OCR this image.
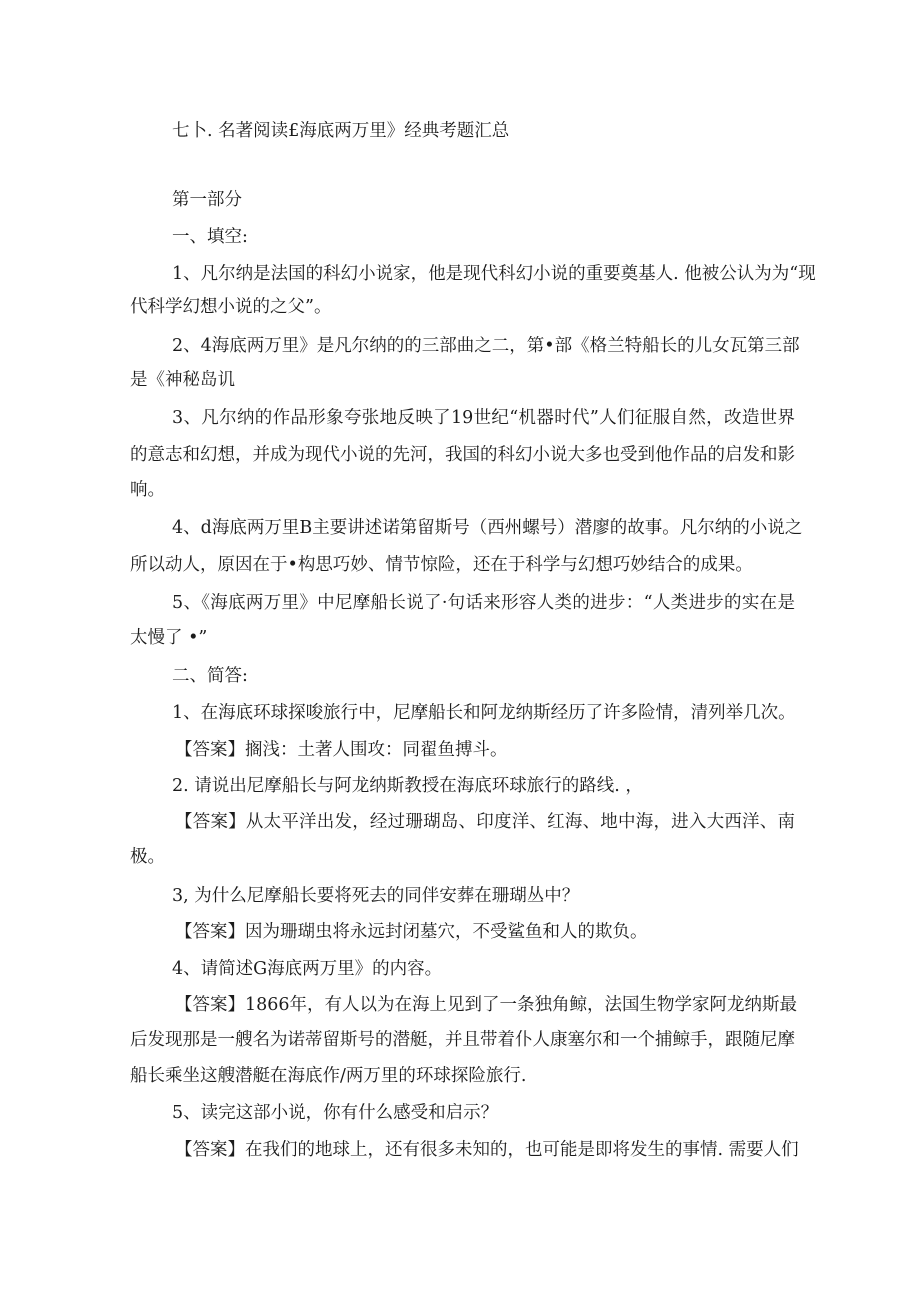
七卜. 名著阅读£海底两万里》经典考题汇总
第一部分
一、填空:
1、凡尔纳是法国的科幻小说家，他是现代科幻小说的重要奠基人. 他被公认为为“现
代科学幻想小说的之父”。
2、4海底两万里》是凡尔纳的的三部曲之二，第•部《格兰特船长的儿女瓦第三部
是《神秘岛讥
3、凡尔纳的作品形象夸张地反映了19世纪“机器时代”人们征服自然，改造世界
的意志和幻想，并成为现代小说的先河，我国的科幻小说大多也受到他作品的启发和影
响。
4、d海底两万里B主要讲述诺第留斯号（西州螺号）潜廖的故事。凡尔纳的小说之
所以动人，原因在于•构思巧妙、情节惊险，还在于科学与幻想巧妙结合的成果。
5、《海底两万里》中尼摩船长说了·句话来形容人类的进步：“人类进步的实在是
太慢了 •”
二、简答:
1、在海底环球探唆旅行中，尼摩船长和阿龙纳斯经历了许多险情，清列举几次。
【答案】搁浅：土著人围攻：同翟鱼搏斗。
2. 请说出尼摩船长与阿龙纳斯教授在海底环球旅行的路线. ，
【答案】从太平洋出发，经过珊瑚岛、印度洋、红海、地中海，进入大西洋、南
极。
3, 为什么尼摩船长要将死去的同伴安葬在珊瑚丛中？
【答案】因为珊瑚虫将永远封闭墓穴，不受鲨鱼和人的欺负。
4、请简述G海底两万里》的内容。
【答案】1866年，有人以为在海上见到了一条独角鲸，法国生物学家阿龙纳斯最
后发现那是一艘名为诺蒂留斯号的潜艇，并且带着仆人康塞尔和一个捕鲸手，跟随尼摩
船长乘坐这艘潜艇在海底作/两万里的环球探险旅行.
5、读完这部小说，你有什么感受和启示？
【答案】在我们的地球上，还有很多未知的，也可能是即将发生的事情. 需要人们
